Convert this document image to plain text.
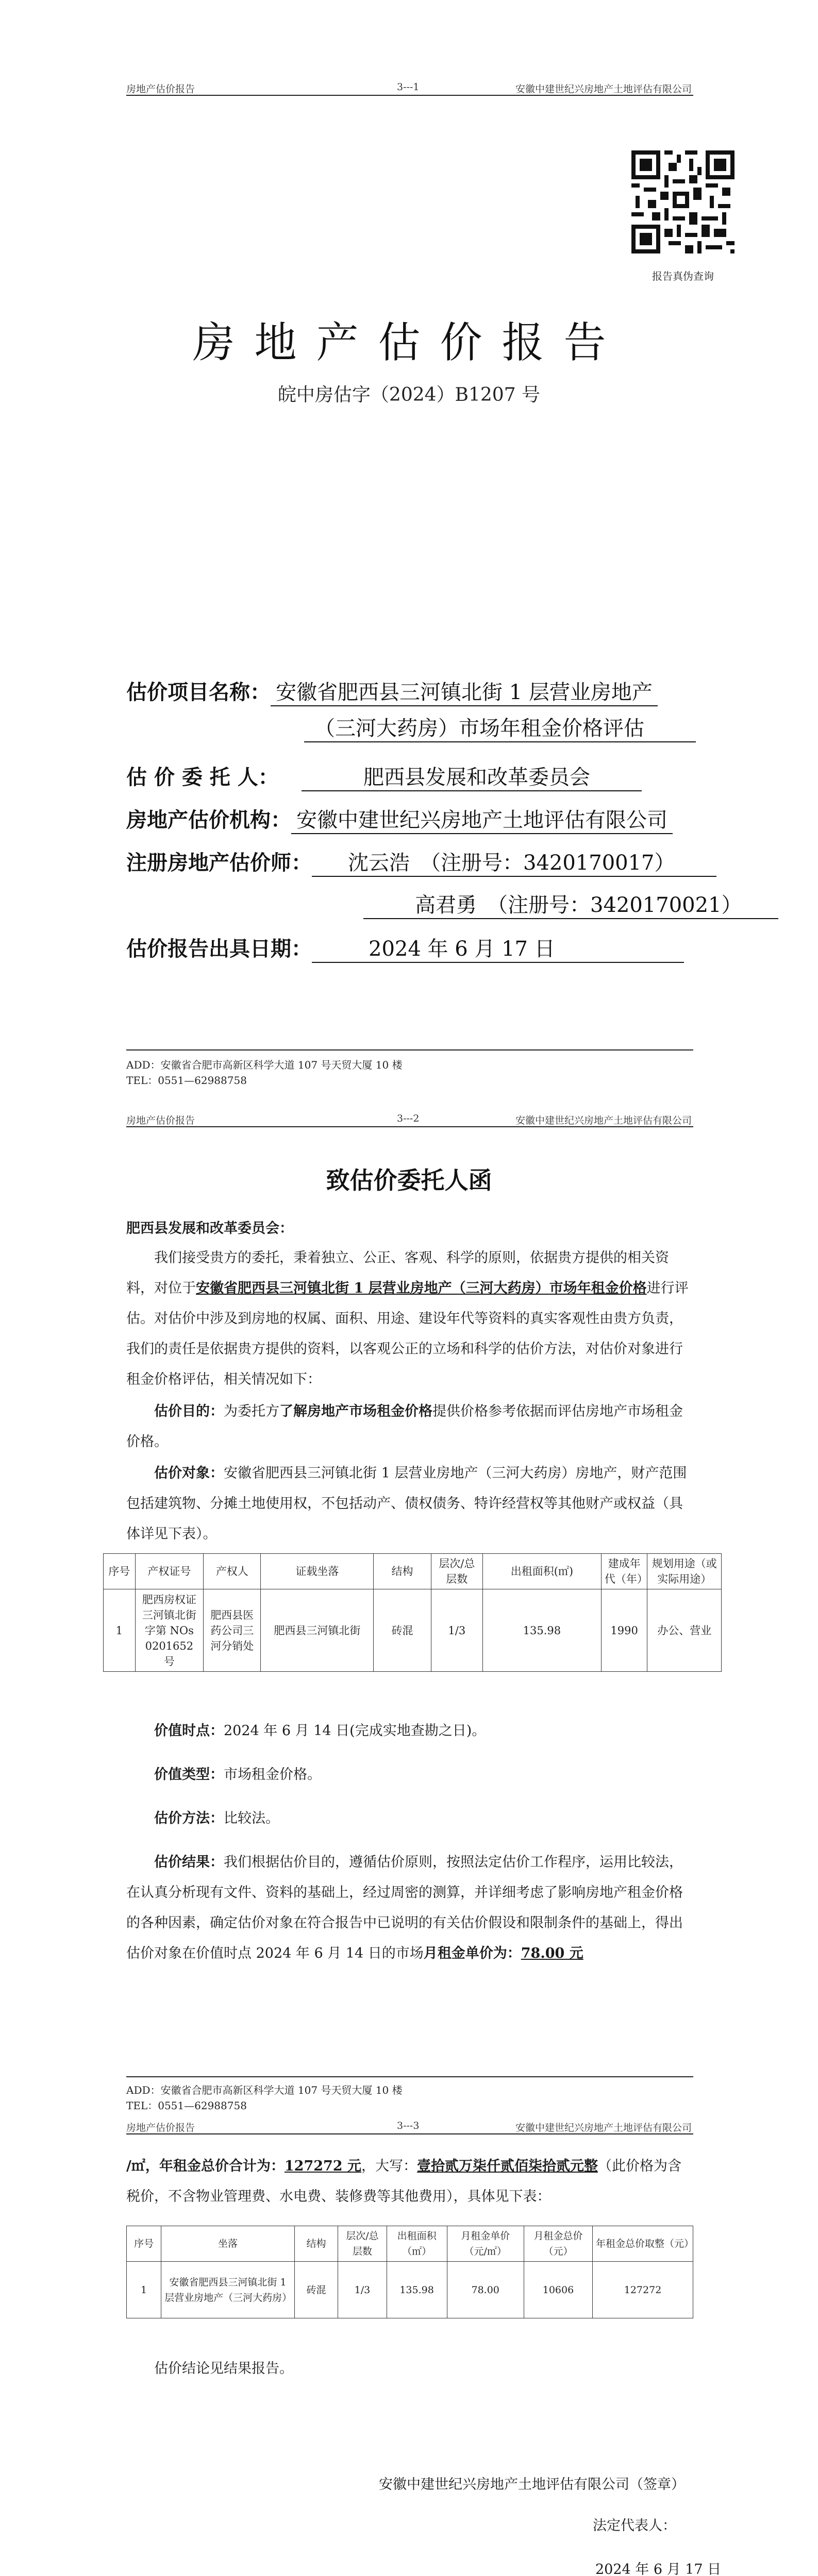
房地产估价报告	3---1	安徽中建世纪兴房地产土地评估有限公司
报告真伪查询
房地产估价报告
皖中房估字（2024）B1207 号
估价项目名称： 安徽省肥西县三河镇北街 1 层营业房地产
（三河大药房）市场年租金价格评估
估 价 委 托 人：	肥西县发展和改革委员会
房地产估价机构： 安徽中建世纪兴房地产土地评估有限公司
注册房地产估价师： 沈云浩　（注册号：3420170017）
高君勇　（注册号：3420170021）
估价报告出具日期：	2024 年 6 月 17 日
ADD：安徽省合肥市高新区科学大道 107 号天贸大厦 10 楼
TEL：0551—62988758
房地产估价报告	3---2	安徽中建世纪兴房地产土地评估有限公司
致估价委托人函
肥西县发展和改革委员会：
我们接受贵方的委托，秉着独立、公正、客观、科学的原则，依据贵方提供的相关资料，对位于安徽省肥西县三河镇北街 1 层营业房地产（三河大药房）市场年租金价格进行评估。对估价中涉及到房地的权属、面积、用途、建设年代等资料的真实客观性由贵方负责，我们的责任是依据贵方提供的资料，以客观公正的立场和科学的估价方法，对估价对象进行租金价格评估，相关情况如下：
估价目的：为委托方了解房地产市场租金价格提供价格参考依据而评估房地产市场租金价格。
估价对象：安徽省肥西县三河镇北街 1 层营业房地产（三河大药房）房地产，财产范围包括建筑物、分摊土地使用权，不包括动产、债权债务、特许经营权等其他财产或权益（具体详见下表）。
序号	产权证号	产权人	证载坐落	结构	层次/总层数	出租面积(㎡)	建成年代（年）	规划用途（或实际用途）
1	肥西房权证三河镇北街字第 NOs 0201652 号	肥西县医药公司三河分销处	肥西县三河镇北街	砖混	1/3	135.98	1990	办公、营业
价值时点：2024 年 6 月 14 日(完成实地查勘之日)。
价值类型：市场租金价格。
估价方法：比较法。
估价结果：我们根据估价目的，遵循估价原则，按照法定估价工作程序，运用比较法，在认真分析现有文件、资料的基础上，经过周密的测算，并详细考虑了影响房地产租金价格的各种因素，确定估价对象在符合报告中已说明的有关估价假设和限制条件的基础上，得出估价对象在价值时点 2024 年 6 月 14 日的市场月租金单价为：78.00 元
ADD：安徽省合肥市高新区科学大道 107 号天贸大厦 10 楼
TEL：0551—62988758
房地产估价报告	3---3	安徽中建世纪兴房地产土地评估有限公司
/㎡，年租金总价合计为：127272 元，大写：壹拾贰万柒仟贰佰柒拾贰元整（此价格为含税价，不含物业管理费、水电费、装修费等其他费用），具体见下表：
序号	坐落	结构	层次/总层数	出租面积（㎡）	月租金单价（元/㎡）	月租金总价（元）	年租金总价取整（元）
1	安徽省肥西县三河镇北街 1 层营业房地产（三河大药房）	砖混	1/3	135.98	78.00	10606	127272
估价结论见结果报告。
安徽中建世纪兴房地产土地评估有限公司（签章）
法定代表人：
2024 年 6 月 17 日
